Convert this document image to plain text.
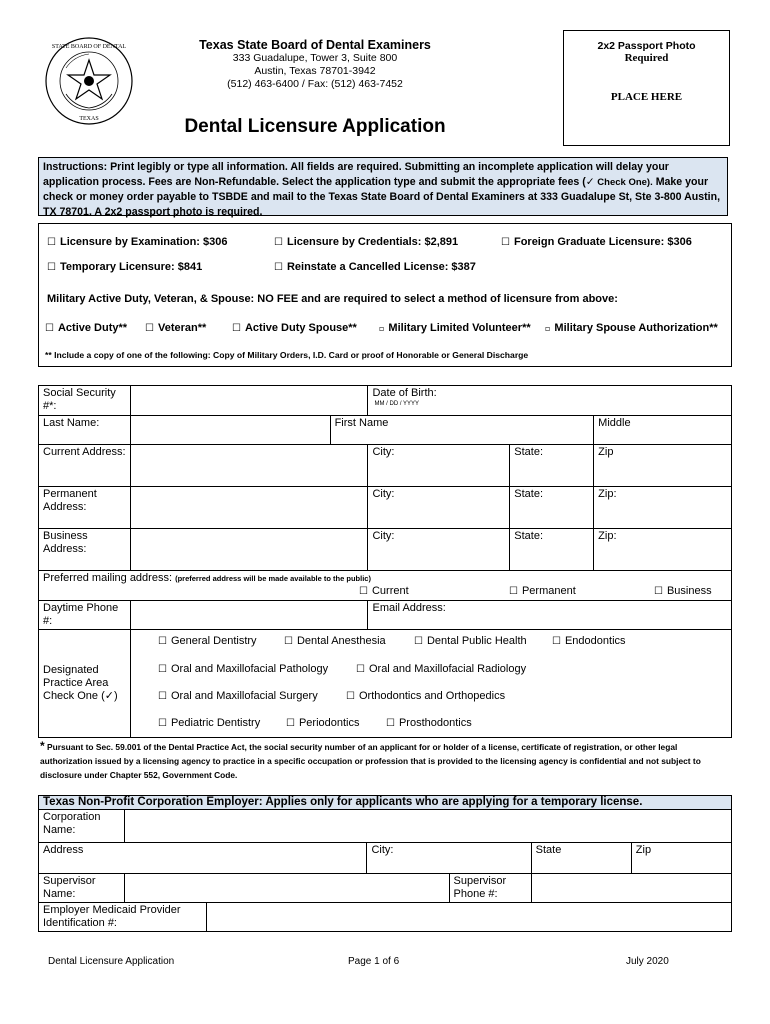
STATE BOARD OF DENTAL
TEXAS
Texas State Board of Dental Examiners
333 Guadalupe, Tower 3, Suite 800
Austin, Texas 78701-3942
(512) 463-6400 / Fax: (512) 463-7452
Dental Licensure Application
2x2 Passport Photo
Required
PLACE HERE
Instructions: Print legibly or type all information. All fields are required. Submitting an incomplete application will delay your application process. Fees are Non-Refundable. Select the application type and submit the appropriate fees (✓ Check One). Make your check or money order payable to TSBDE and mail to the Texas State Board of Dental Examiners at 333 Guadalupe St, Ste 3-800 Austin, TX 78701. A 2x2 passport photo is required.
☐ Licensure by Examination: $306	☐ Licensure by Credentials: $2,891	☐ Foreign Graduate Licensure: $306
☐ Temporary Licensure: $841	☐ Reinstate a Cancelled License: $387
Military Active Duty, Veteran, & Spouse: NO FEE and are required to select a method of licensure from above:
☐ Active Duty** ☐ Veteran**	☐ Active Duty Spouse**	▫ Military Limited Volunteer** ▫ Military Spouse Authorization**
** Include a copy of one of the following: Copy of Military Orders, I.D. Card or proof of Honorable or General Discharge
Social Security #*:			Date of Birth:
MM / DD / YYYY		

Last Name:		First Name			Middle
Current Address:			City:	State:	Zip
Permanent Address:			City:	State:	Zip:
Business Address:			City:	State:	Zip:
Preferred mailing address: (preferred address will be made available to the public)
☐ Current ☐ Permanent ☐ Business					

Daytime Phone #:			Email Address:		
Designated Practice Area Check One (✓)					
☐ General Dentistry	☐ Dental Anesthesia	☐ Dental Public Health	☐ Endodontics
☐ Oral and Maxillofacial Pathology	☐ Oral and Maxillofacial Radiology
☐ Oral and Maxillofacial Surgery	☐ Orthodontics and Orthopedics
☐ Pediatric Dentistry	☐ Periodontics	☐ Prosthodontics
* Pursuant to Sec. 59.001 of the Dental Practice Act, the social security number of an applicant for or holder of a license, certificate of registration, or other legal authorization issued by a licensing agency to practice in a specific occupation or profession that is provided to the licensing agency is confidential and not subject to disclosure under Chapter 552, Government Code.
Texas Non-Profit Corporation Employer: Applies only for applicants who are applying for a temporary license.						
Corporation Name:						
Address			City:		State	Zip
Supervisor Name:				Supervisor Phone #:		
Employer Medicaid Provider Identification #:						
Dental Licensure Application	Page 1 of 6	July 2020
